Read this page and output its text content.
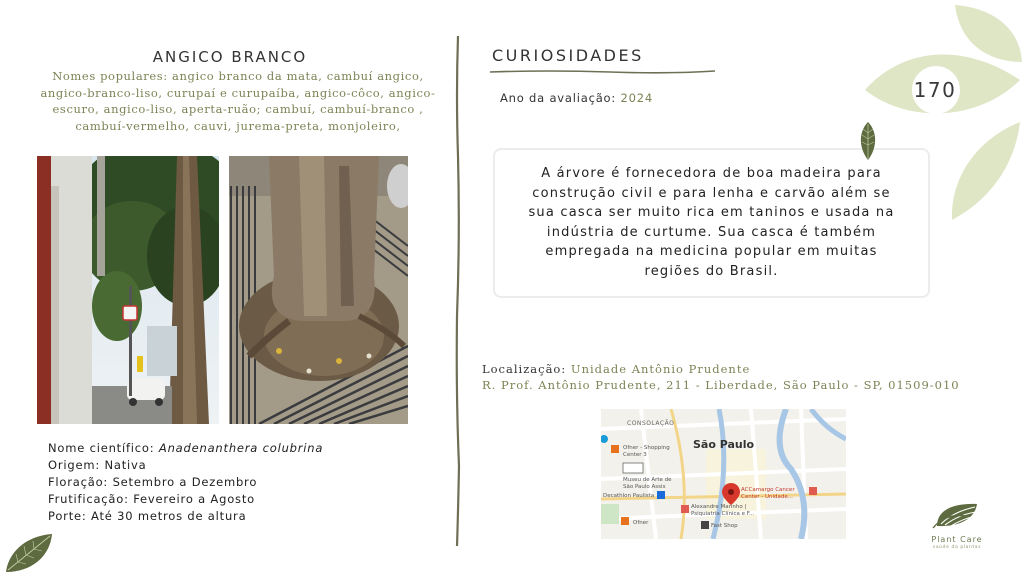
ANGICO BRANCO
Nomes populares: angico branco da mata, cambuí angico, angico-branco-liso, curupaí e curupaíba, angico-côco, angico-escuro, angico-liso, aperta-ruão; cambuí, cambuí-branco , cambuí-vermelho, cauvi, jurema-preta, monjoleiro,
Nome científico: Anadenanthera colubrina
Origem: Nativa
Floração: Setembro a Dezembro
Frutificação: Fevereiro a Agosto
Porte: Até 30 metros de altura
CURIOSIDADES
Ano da avaliação: 2024
A árvore é fornecedora de boa madeira para construção civil e para lenha e carvão além se sua casca ser muito rica em taninos e usada na indústria de curtume. Sua casca é também empregada na medicina popular em muitas regiões do Brasil.
Localização: Unidade Antônio Prudente
R. Prof. Antônio Prudente, 211 - Liberdade, São Paulo - SP, 01509-010
CONSOLAÇÃO
São Paulo
Ofner - Shopping
Center 3
Museu de Arte de
São Paulo Assis
Decathlon Paulista
ACCamargo Cancer
Center - Unidade...
Alexandre Marinho |
Psiquiatria Clínica e F...
Fast Shop
Ofner
170
Plant Care
saúde da plantas
